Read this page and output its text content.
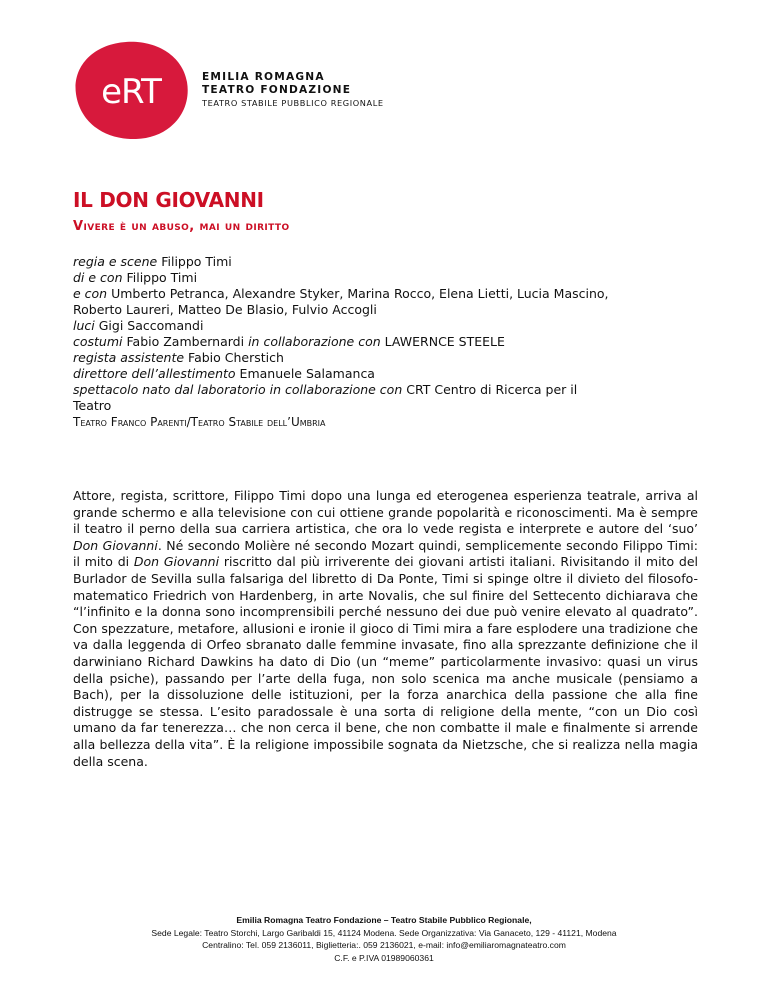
eRT	EMILIA ROMAGNA
TEATRO FONDAZIONE
TEATRO STABILE PUBBLICO REGIONALE
IL DON GIOVANNI
Vivere è un abuso, mai un diritto
regia e scene Filippo Timi
di e con Filippo Timi
e con Umberto Petranca, Alexandre Styker, Marina Rocco, Elena Lietti, Lucia Mascino,
Roberto Laureri, Matteo De Blasio, Fulvio Accogli
luci Gigi Saccomandi
costumi Fabio Zambernardi in collaborazione con LAWERNCE STEELE
regista assistente Fabio Cherstich
direttore dell’allestimento Emanuele Salamanca
spettacolo nato dal laboratorio in collaborazione con CRT Centro di Ricerca per il
Teatro
Teatro Franco Parenti/Teatro Stabile dell’Umbria

Attore, regista, scrittore, Filippo Timi dopo una lunga ed eterogenea esperienza teatrale, arriva al grande schermo e alla televisione con cui ottiene grande popolarità e riconoscimenti. Ma è sempre il teatro il perno della sua carriera artistica, che ora lo vede regista e interprete e autore del ‘suo’ Don Giovanni. Né secondo Molière né secondo Mozart quindi, semplicemente secondo Filippo Timi: il mito di Don Giovanni riscritto dal più irriverente dei giovani artisti italiani. Rivisitando il mito del Burlador de Sevilla sulla falsariga del libretto di Da Ponte, Timi si spinge oltre il divieto del filosofo-matematico Friedrich von Hardenberg, in arte Novalis, che sul finire del Settecento dichiarava che “l’infinito e la donna sono incomprensibili perché nessuno dei due può venire elevato al quadrato”. Con spezzature, metafore, allusioni e ironie il gioco di Timi mira a fare esplodere una tradizione che va dalla leggenda di Orfeo sbranato dalle femmine invasate, fino alla sprezzante definizione che il darwiniano Richard Dawkins ha dato di Dio (un “meme” particolarmente invasivo: quasi un virus della psiche), passando per l’arte della fuga, non solo scenica ma anche musicale (pensiamo a Bach), per la dissoluzione delle istituzioni, per la forza anarchica della passione che alla fine distrugge se stessa. L’esito paradossale è una sorta di religione della mente, “con un Dio così umano da far tenerezza… che non cerca il bene, che non combatte il male e finalmente si arrende alla bellezza della vita”. È la religione impossibile sognata da Nietzsche, che si realizza nella magia della scena.

Emilia Romagna Teatro Fondazione – Teatro Stabile Pubblico Regionale,
Sede Legale: Teatro Storchi, Largo Garibaldi 15, 41124 Modena. Sede Organizzativa: Via Ganaceto, 129 - 41121, Modena
Centralino: Tel. 059 2136011, Biglietteria:. 059 2136021, e-mail: info@emiliaromagnateatro.com
C.F. e P.IVA 01989060361
